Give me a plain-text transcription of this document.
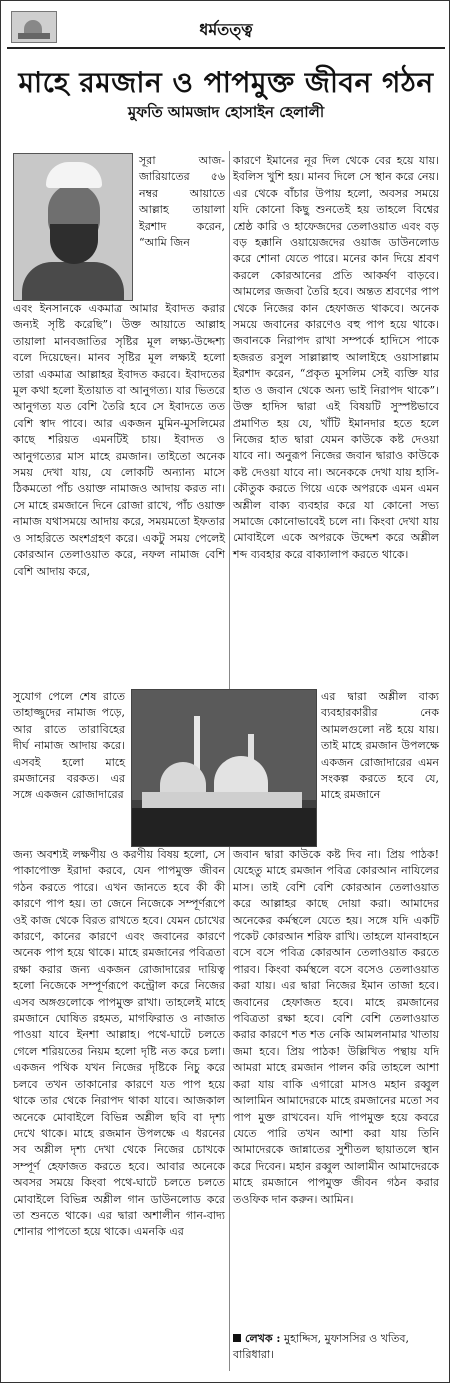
ধর্মতত্ত্ব
মাহে রমজান ও পাপমুক্ত জীবন গঠন
মুফতি আমজাদ হোসাইন হেলালী

সূরা আজ-জারিয়াতের ৫৬ নম্বর আয়াতে আল্লাহ তায়ালা ইরশাদ করেন, “আমি জিন

এবং ইনসানকে একমাত্র আমার ইবাদত করার জন্যই সৃষ্টি করেছি”। উক্ত আয়াতে আল্লাহ তায়ালা মানবজাতির সৃষ্টির মূল লক্ষ্য-উদ্দেশ্য বলে দিয়েছেন। মানব সৃষ্টির মূল লক্ষ্যই হলো তারা একমাত্র আল্লাহর ইবাদত করবে। ইবাদতের মূল কথা হলো ইতায়াত বা আনুগত্য। যার ভিতরে আনুগত্য যত বেশি তৈরি হবে সে ইবাদতে তত বেশি স্বাদ পাবে। আর একজন মুমিন-মুসলিমের কাছে শরিয়ত এমনটিই চায়। ইবাদত ও আনুগত্যের মাস মাহে রমজান। তাইতো অনেক সময় দেখা যায়, যে লোকটি অন্যান্য মাসে ঠিকমতো পাঁচ ওয়াক্ত নামাজও আদায় করত না। সে মাহে রমজানে দিনে রোজা রাখে, পাঁচ ওয়াক্ত নামাজ যথাসময়ে আদায় করে, সময়মতো ইফতার ও সাহরিতে অংশগ্রহণ করে। একটু সময় পেলেই কোরআন তেলাওয়াত করে, নফল নামাজ বেশি বেশি আদায় করে,

সুযোগ পেলে শেষ রাতে তাহাজ্জুদের নামাজ পড়ে, আর রাতে তারাবিহের দীর্ঘ নামাজ আদায় করে। এসবই হলো মাহে রমজানের বরকত। এর সঙ্গে একজন রোজাদারের

জন্য অবশ্যই লক্ষণীয় ও করণীয় বিষয় হলো, সে পাকাপোক্ত ইরাদা করবে, যেন পাপমুক্ত জীবন গঠন করতে পারে। এখন জানতে হবে কী কী কারণে পাপ হয়। তা জেনে নিজেকে সম্পূর্ণরূপে ওই কাজ থেকে বিরত রাখতে হবে। যেমন চোখের কারণে, কানের কারণে এবং জবানের কারণে অনেক পাপ হয়ে থাকে। মাহে রমজানের পবিত্রতা রক্ষা করার জন্য একজন রোজাদারের দায়িত্ব হলো নিজেকে সম্পূর্ণরূপে কন্ট্রোল করে নিজের এসব অঙ্গগুলোকে পাপমুক্ত রাখা। তাহলেই মাহে রমজানে ঘোষিত রহমত, মাগফিরাত ও নাজাত পাওয়া যাবে ইনশা আল্লাহ। পথে-ঘাটে চলতে গেলে শরিয়তের নিয়ম হলো দৃষ্টি নত করে চলা। একজন পথিক যখন নিজের দৃষ্টিকে নিচু করে চলবে তখন তাকানোর কারণে যত পাপ হয়ে থাকে তার থেকে নিরাপদ থাকা যাবে। আজকাল অনেকে মোবাইলে বিভিন্ন অশ্লীল ছবি বা দৃশ্য দেখে থাকে। মাহে রজমান উপলক্ষে এ ধরনের সব অশ্লীল দৃশ্য দেখা থেকে নিজের চোখকে সম্পূর্ণ হেফাজত করতে হবে। আবার অনেকে অবসর সময়ে কিংবা পথে-ঘাটে চলতে চলতে মোবাইলে বিভিন্ন অশ্লীল গান ডাউনলোড করে তা শুনতে থাকে। এর দ্বারা অশালীন গান-বাদ্য শোনার পাপতো হয়ে থাকে। এমনকি এর

কারণে ইমানের নূর দিল থেকে বের হয়ে যায়। ইবলিস খুশি হয়। মানব দিলে সে স্থান করে নেয়। এর থেকে বাঁচার উপায় হলো, অবসর সময়ে যদি কোনো কিছু শুনতেই হয় তাহলে বিশ্বের শ্রেষ্ঠ কারি ও হাফেজদের তেলাওয়াত এবং বড় বড় হক্কানি ওয়ায়েজদের ওয়াজ ডাউনলোড করে শোনা যেতে পারে। মনের কান দিয়ে শ্রবণ করলে কোরআনের প্রতি আকর্ষণ বাড়বে। আমলের জজবা তৈরি হবে। অন্তত শ্রবণের পাপ থেকে নিজের কান হেফাজত থাকবে। অনেক সময়ে জবানের কারণেও বহু পাপ হয়ে থাকে। জবানকে নিরাপদ রাখা সম্পর্কে হাদিসে পাকে হজরত রসুল সাল্লাল্লাহু আলাইহে ওয়াসাল্লাম ইরশাদ করেন, “প্রকৃত মুসলিম সেই ব্যক্তি যার হাত ও জবান থেকে অন্য ভাই নিরাপদ থাকে”। উক্ত হাদিস দ্বারা এই বিষয়টি সুস্পষ্টভাবে প্রমাণিত হয় যে, খাঁটি ইমানদার হতে হলে নিজের হাত দ্বারা যেমন কাউকে কষ্ট দেওয়া যাবে না। অনুরূপ নিজের জবান দ্বারাও কাউকে কষ্ট দেওয়া যাবে না। অনেককে দেখা যায় হাসি-কৌতুক করতে গিয়ে একে অপরকে এমন এমন অশ্লীল বাক্য ব্যবহার করে যা কোনো সভ্য সমাজে কোনোভাবেই চলে না। কিংবা দেখা যায় মোবাইলে একে অপরকে উদ্দেশ করে অশ্লীল শব্দ ব্যবহার করে বাক্যালাপ করতে থাকে।

এর দ্বারা অশ্লীল বাক্য ব্যবহারকারীর নেক আমলগুলো নষ্ট হয়ে যায়। তাই মাহে রমজান উপলক্ষে একজন রোজাদারের এমন সংকল্প করতে হবে যে, মাহে রমজানে

জবান দ্বারা কাউকে কষ্ট দিব না। প্রিয় পাঠক! যেহেতু মাহে রমজান পবিত্র কোরআন নাযিলের মাস। তাই বেশি বেশি কোরআন তেলাওয়াত করে আল্লাহর কাছে দোয়া করা। আমাদের অনেকের কর্মস্থলে যেতে হয়। সঙ্গে যদি একটি পকেট কোরআন শরিফ রাখি। তাহলে যানবাহনে বসে বসে পবিত্র কোরআন তেলাওয়াত করতে পারব। কিংবা কর্মস্থলে বসে বসেও তেলাওয়াত করা যায়। এর দ্বারা নিজের ইমান তাজা হবে। জবানের হেফাজত হবে। মাহে রমজানের পবিত্রতা রক্ষা হবে। বেশি বেশি তেলাওয়াত করার কারণে শত শত নেকি আমলনামার খাতায় জমা হবে। প্রিয় পাঠক! উল্লিখিত পন্থায় যদি আমরা মাহে রমজান পালন করি তাহলে আশা করা যায় বাকি এগারো মাসও মহান রব্বুল আলামিন আমাদেরকে মাহে রমজানের মতো সব পাপ মুক্ত রাখবেন। যদি পাপমুক্ত হয়ে কবরে যেতে পারি তখন আশা করা যায় তিনি আমাদেরকে জান্নাতের সুশীতল ছায়াতলে স্থান করে দিবেন। মহান রব্বুল আলামীন আমাদেরকে মাহে রমজানে পাপমুক্ত জীবন গঠন করার তওফিক দান করুন। আমিন।

লেখক : মুহাদ্দিস, মুফাসসির ও খতিব, বারিধারা।
